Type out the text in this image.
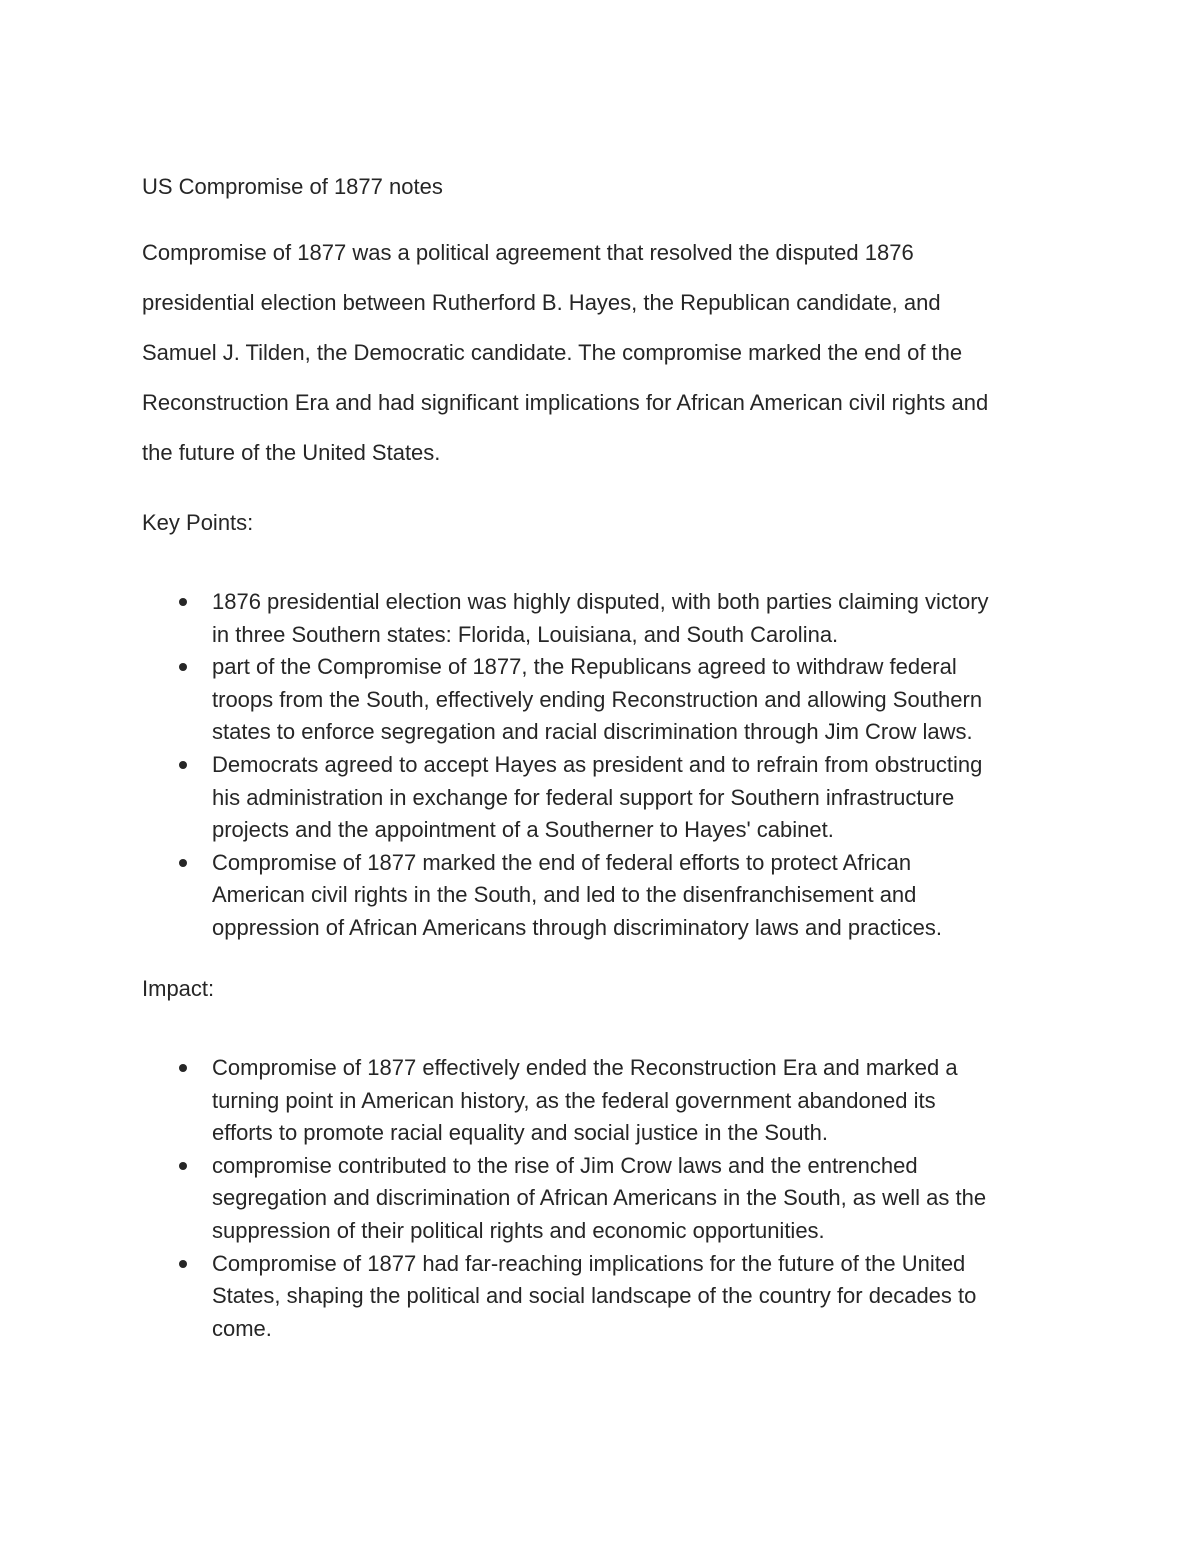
US Compromise of 1877 notes

Compromise of 1877 was a political agreement that resolved the disputed 1876
presidential election between Rutherford B. Hayes, the Republican candidate, and
Samuel J. Tilden, the Democratic candidate. The compromise marked the end of the
Reconstruction Era and had significant implications for African American civil rights and
the future of the United States.

Key Points:
1876 presidential election was highly disputed, with both parties claiming victory
in three Southern states: Florida, Louisiana, and South Carolina.
part of the Compromise of 1877, the Republicans agreed to withdraw federal
troops from the South, effectively ending Reconstruction and allowing Southern
states to enforce segregation and racial discrimination through Jim Crow laws.
Democrats agreed to accept Hayes as president and to refrain from obstructing
his administration in exchange for federal support for Southern infrastructure
projects and the appointment of a Southerner to Hayes' cabinet.
Compromise of 1877 marked the end of federal efforts to protect African
American civil rights in the South, and led to the disenfranchisement and
oppression of African Americans through discriminatory laws and practices.
Impact:
Compromise of 1877 effectively ended the Reconstruction Era and marked a
turning point in American history, as the federal government abandoned its
efforts to promote racial equality and social justice in the South.
compromise contributed to the rise of Jim Crow laws and the entrenched
segregation and discrimination of African Americans in the South, as well as the
suppression of their political rights and economic opportunities.
Compromise of 1877 had far-reaching implications for the future of the United
States, shaping the political and social landscape of the country for decades to
come.
